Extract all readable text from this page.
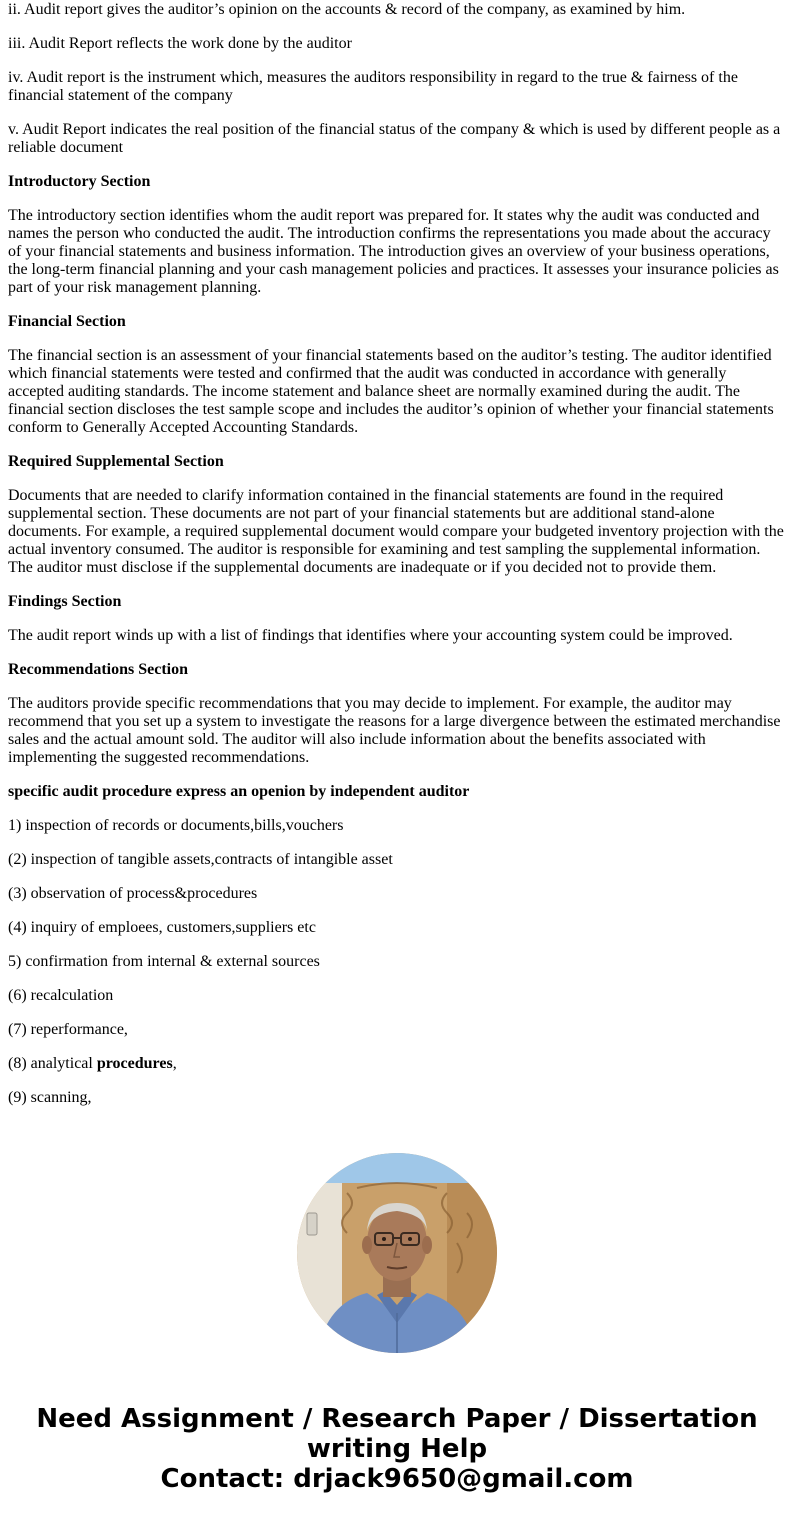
ii. Audit report gives the auditor’s opinion on the accounts & record of the company, as examined by him.

iii. Audit Report reflects the work done by the auditor

iv. Audit report is the instrument which, measures the auditors responsibility in regard to the true & fairness of the financial statement of the company

v. Audit Report indicates the real position of the financial status of the company & which is used by different people as a reliable document

Introductory Section

The introductory section identifies whom the audit report was prepared for. It states why the audit was conducted and names the person who conducted the audit. The introduction confirms the representations you made about the accuracy of your financial statements and business information. The introduction gives an overview of your business operations, the long-term financial planning and your cash management policies and practices. It assesses your insurance policies as part of your risk management planning.

Financial Section

The financial section is an assessment of your financial statements based on the auditor’s testing. The auditor identified which financial statements were tested and confirmed that the audit was conducted in accordance with generally accepted auditing standards. The income statement and balance sheet are normally examined during the audit. The financial section discloses the test sample scope and includes the auditor’s opinion of whether your financial statements conform to Generally Accepted Accounting Standards.

Required Supplemental Section

Documents that are needed to clarify information contained in the financial statements are found in the required supplemental section. These documents are not part of your financial statements but are additional stand-alone documents. For example, a required supplemental document would compare your budgeted inventory projection with the actual inventory consumed. The auditor is responsible for examining and test sampling the supplemental information. The auditor must disclose if the supplemental documents are inadequate or if you decided not to provide them.

Findings Section

The audit report winds up with a list of findings that identifies where your accounting system could be improved.

Recommendations Section

The auditors provide specific recommendations that you may decide to implement. For example, the auditor may recommend that you set up a system to investigate the reasons for a large divergence between the estimated merchandise sales and the actual amount sold. The auditor will also include information about the benefits associated with implementing the suggested recommendations.

specific audit procedure express an openion by independent auditor

1) inspection of records or documents,bills,vouchers

(2) inspection of tangible assets,contracts of intangible asset

(3) observation of process&procedures

(4) inquiry of emploees, customers,suppliers etc

5) confirmation from internal & external sources

(6) recalculation

(7) reperformance,

(8) analytical procedures,

(9) scanning,

Need Assignment / Research Paper / Dissertation
writing Help
Contact: drjack9650@gmail.com
